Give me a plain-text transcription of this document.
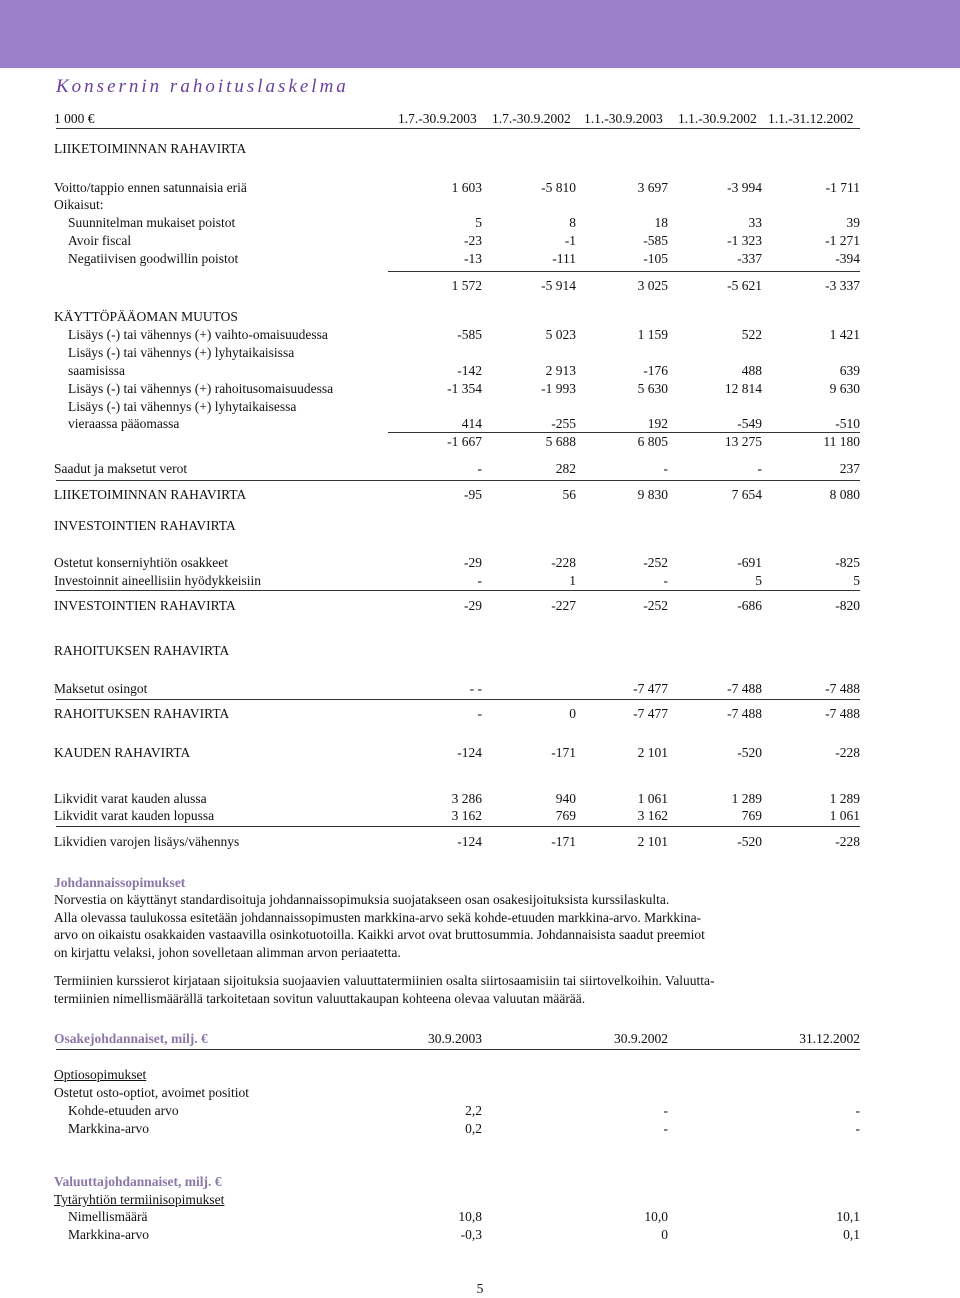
Konsernin rahoituslaskelma
1 000 €	1.7.-30.9.2003 1.7.-30.9.2002 1.1.-30.9.2003 1.1.-30.9.2002 1.1.-31.12.2002
LIIKETOIMINNAN RAHAVIRTA
Voitto/tappio ennen satunnaisia eriä	1 603	-5 810	3 697	-3 994	-1 711
Oikaisut:
Suunnitelman mukaiset poistot	5	8	18	33	39
Avoir fiscal	-23	-1	-585	-1 323	-1 271
Negatiivisen goodwillin poistot	-13	-111	-105	-337	-394
1 572	-5 914	3 025	-5 621	-3 337
KÄYTTÖPÄÄOMAN MUUTOS
Lisäys (-) tai vähennys (+) vaihto-omaisuudessa	-585	5 023	1 159	522	1 421
Lisäys (-) tai vähennys (+) lyhytaikaisissa
saamisissa	-142	2 913	-176	488	639
Lisäys (-) tai vähennys (+) rahoitusomaisuudessa	-1 354	-1 993	5 630	12 814	9 630
Lisäys (-) tai vähennys (+) lyhytaikaisessa
vieraassa pääomassa	414	-255	192	-549	-510
-1 667	5 688	6 805	13 275	11 180
Saadut ja maksetut verot	-	282	-	-	237
LIIKETOIMINNAN RAHAVIRTA	-95	56	9 830	7 654	8 080
INVESTOINTIEN RAHAVIRTA
Ostetut konserniyhtiön osakkeet	-29	-228	-252	-691	-825
Investoinnit aineellisiin hyödykkeisiin	-	1	-	5	5
INVESTOINTIEN RAHAVIRTA	-29	-227	-252	-686	-820
RAHOITUKSEN RAHAVIRTA
Maksetut osingot	- -	-7 477	-7 488	-7 488
RAHOITUKSEN RAHAVIRTA	-	0	-7 477	-7 488	-7 488
KAUDEN RAHAVIRTA	-124	-171	2 101	-520	-228
Likvidit varat kauden alussa	3 286	940	1 061	1 289	1 289
Likvidit varat kauden lopussa	3 162	769	3 162	769	1 061
Likvidien varojen lisäys/vähennys	-124	-171	2 101	-520	-228
Johdannaissopimukset
Norvestia on käyttänyt standardisoituja johdannaissopimuksia suojatakseen osan osakesijoituksista kurssilaskulta.
Alla olevassa taulukossa esitetään johdannaissopimusten markkina-arvo sekä kohde-etuuden markkina-arvo. Markkina-
arvo on oikaistu osakkaiden vastaavilla osinkotuotoilla. Kaikki arvot ovat bruttosummia. Johdannaisista saadut preemiot
on kirjattu velaksi, johon sovelletaan alimman arvon periaatetta.
Termiinien kurssierot kirjataan sijoituksia suojaavien valuuttatermiinien osalta siirtosaamisiin tai siirtovelkoihin. Valuutta-
termiinien nimellismäärällä tarkoitetaan sovitun valuuttakaupan kohteena olevaa valuutan määrää.
Osakejohdannaiset, milj. €	30.9.2003	30.9.2002	31.12.2002
Optiosopimukset
Ostetut osto-optiot, avoimet positiot
Kohde-etuuden arvo	2,2	-	-
Markkina-arvo	0,2	-	-
Valuuttajohdannaiset, milj. €
Tytäryhtiön termiinisopimukset
Nimellismäärä	10,8	10,0	10,1
Markkina-arvo	-0,3	0	0,1
5
